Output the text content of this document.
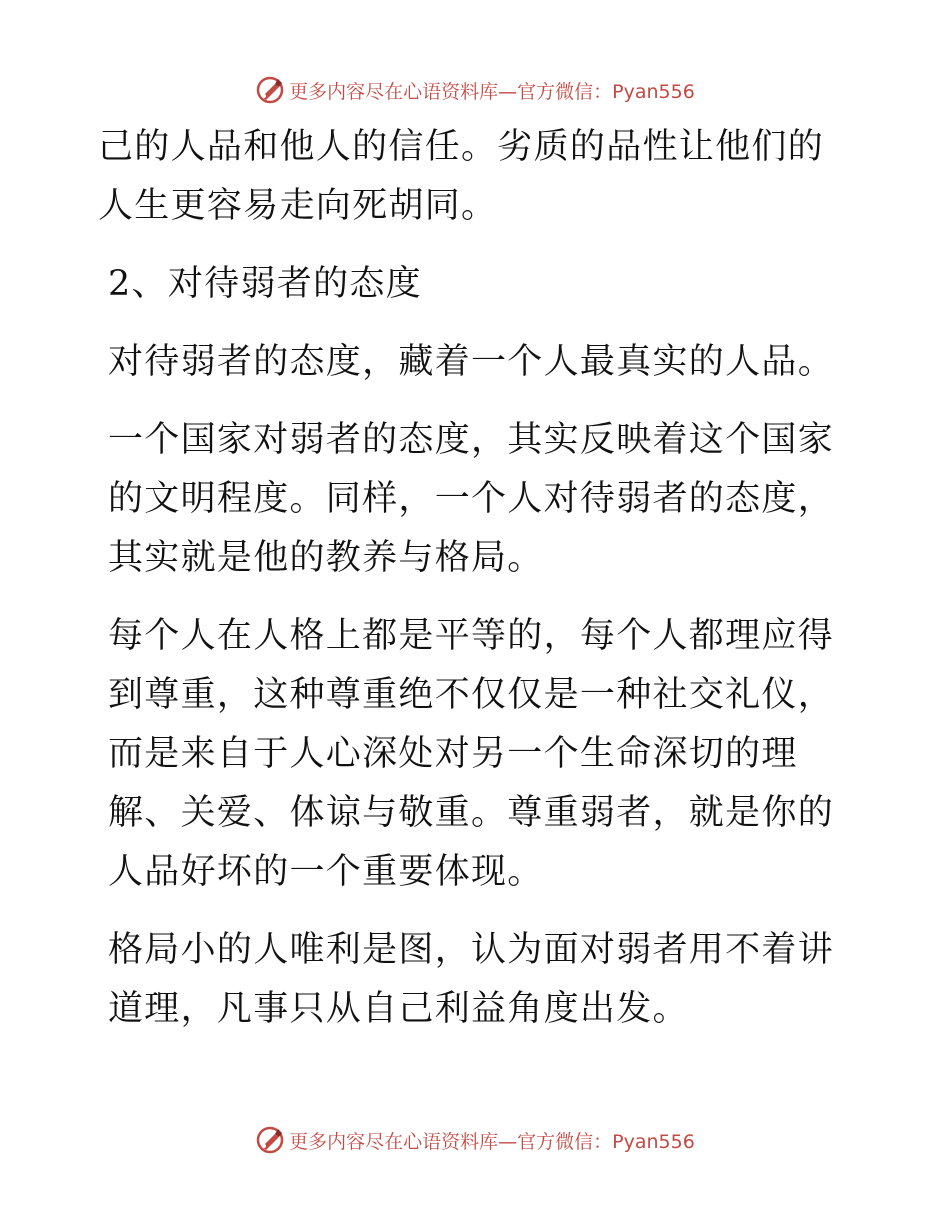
更多内容尽在心语资料库—官方微信：Pyan556

己的人品和他人的信任。劣质的品性让他们的人生更容易走向死胡同。

2、对待弱者的态度

对待弱者的态度，藏着一个人最真实的人品。

一个国家对弱者的态度，其实反映着这个国家的文明程度。同样，一个人对待弱者的态度，其实就是他的教养与格局。

每个人在人格上都是平等的，每个人都理应得到尊重，这种尊重绝不仅仅是一种社交礼仪，而是来自于人心深处对另一个生命深切的理解、关爱、体谅与敬重。尊重弱者，就是你的人品好坏的一个重要体现。

格局小的人唯利是图，认为面对弱者用不着讲道理，凡事只从自己利益角度出发。

更多内容尽在心语资料库—官方微信：Pyan556
